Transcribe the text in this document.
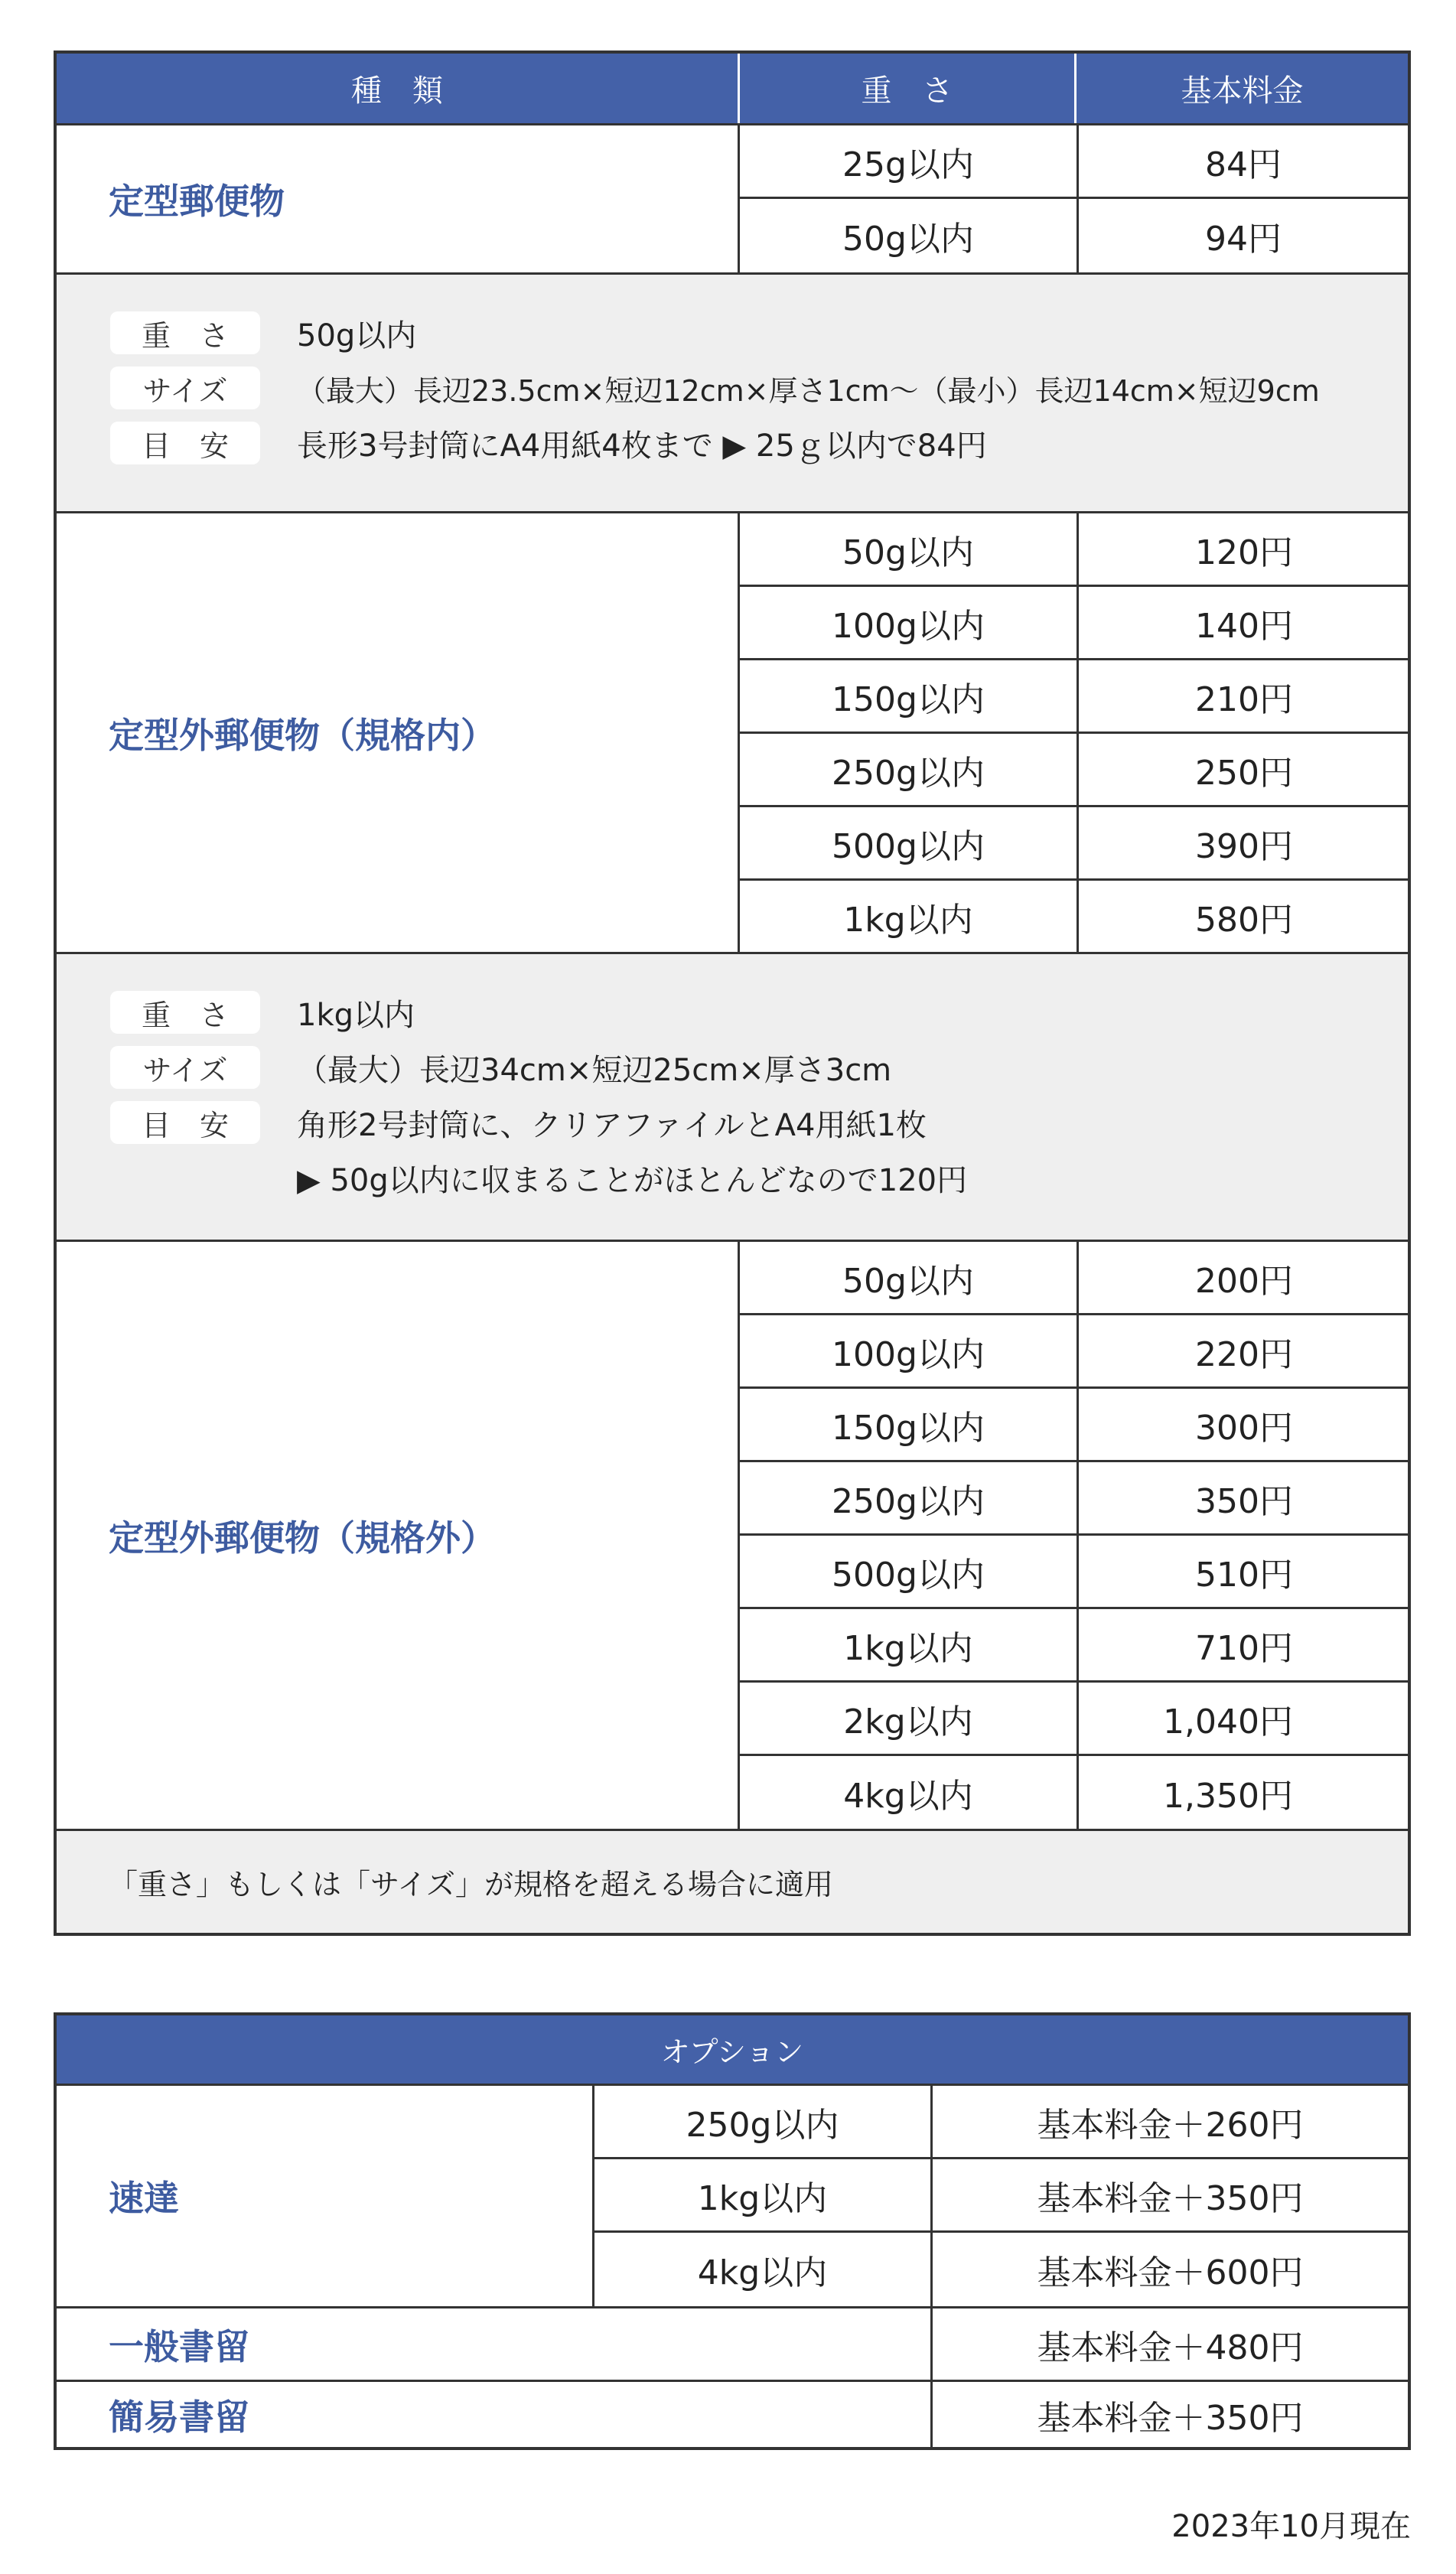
種　類	重　さ	基本料金
定型郵便物
25g以内	84円
50g以内	94円
重　さ	50g以内
サイズ	（最大）長辺23.5cm×短辺12cm×厚さ1cm〜（最小）長辺14cm×短辺9cm
目　安	長形3号封筒にA4用紙4枚まで ▶ 25ｇ以内で84円
定型外郵便物（規格内）
50g以内	120円
100g以内	140円
150g以内	210円
250g以内	250円
500g以内	390円
1kg以内	580円
重　さ	1kg以内
サイズ	（最大）長辺34cm×短辺25cm×厚さ3cm
目　安	角形2号封筒に、クリアファイルとA4用紙1枚
▶ 50g以内に収まることがほとんどなので120円
定型外郵便物（規格外）
50g以内	200円
100g以内	220円
150g以内	300円
250g以内	350円
500g以内	510円
1kg以内	710円
2kg以内	1,040円
4kg以内	1,350円
「重さ」もしくは「サイズ」が規格を超える場合に適用
オプション
速達
250g以内	基本料金＋260円
1kg以内	基本料金＋350円
4kg以内	基本料金＋600円
一般書留	基本料金＋480円
簡易書留	基本料金＋350円
2023年10月現在
